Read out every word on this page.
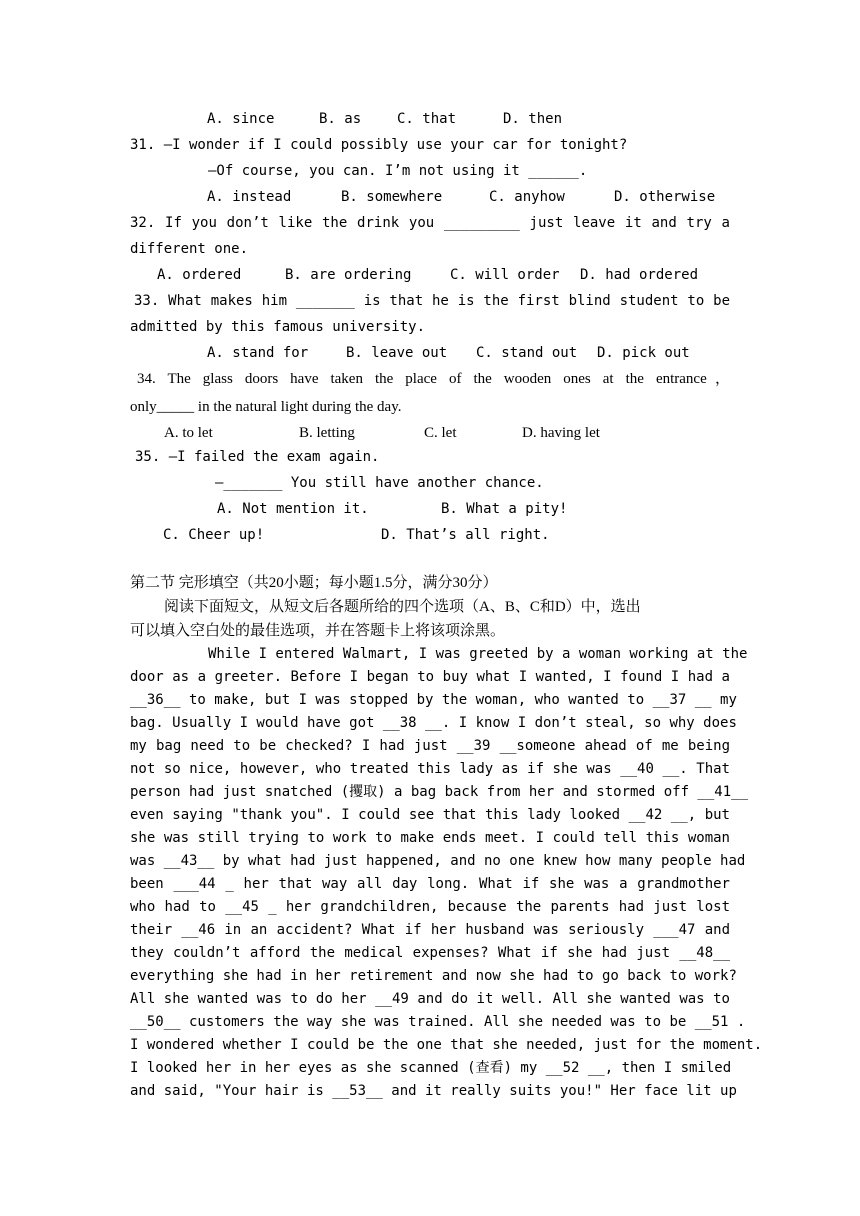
A. since	B. as	C. that	D. then
31. —I wonder if I could possibly use your car for tonight?
—Of course, you can. I’m not using it ______.
A. instead	B. somewhere	C. anyhow	D. otherwise
32. If you don’t like the drink you _________ just leave it and try a
different one.
A. ordered	B. are ordering	C. will order D. had ordered
33. What makes him _______ is that he is the first blind student to be
admitted by this famous university.
A. stand for	B. leave out C. stand out D. pick out
34. The glass doors have taken the place of the wooden ones at the entrance，
only_____ in the natural light during the day.
A. to let	B. letting	C. let	D. having let
35. —I failed the exam again.
—_______ You still have another chance.
A. Not mention it.	B. What a pity!
C. Cheer up!	D. That’s all right.
第二节 完形填空（共20小题；每小题1.5分，满分30分）
阅读下面短文，从短文后各题所给的四个选项（A、B、C和D）中，选出
可以填入空白处的最佳选项，并在答题卡上将该项涂黑。
While I entered Walmart, I was greeted by a woman working at the
door as a greeter. Before I began to buy what I wanted, I found I had a
__36__ to make, but I was stopped by the woman, who wanted to __37 __ my
bag. Usually I would have got __38 __. I know I don’t steal, so why does
my bag need to be checked? I had just __39 __someone ahead of me being
not so nice, however, who treated this lady as if she was __40 __. That
person had just snatched (攫取) a bag back from her and stormed off __41__
even saying "thank you". I could see that this lady looked __42 __, but
she was still trying to work to make ends meet. I could tell this woman
was __43__ by what had just happened, and no one knew how many people had
been ___44 _ her that way all day long. What if she was a grandmother
who had to __45 _ her grandchildren, because the parents had just lost
their __46 in an accident? What if her husband was seriously ___47 and
they couldn’t afford the medical expenses? What if she had just __48__
everything she had in her retirement and now she had to go back to work?
All she wanted was to do her __49 and do it well. All she wanted was to
__50__ customers the way she was trained. All she needed was to be __51 .
I wondered whether I could be the one that she needed, just for the moment.
I looked her in her eyes as she scanned (查看) my __52 __, then I smiled
and said, "Your hair is __53__ and it really suits you!" Her face lit up
